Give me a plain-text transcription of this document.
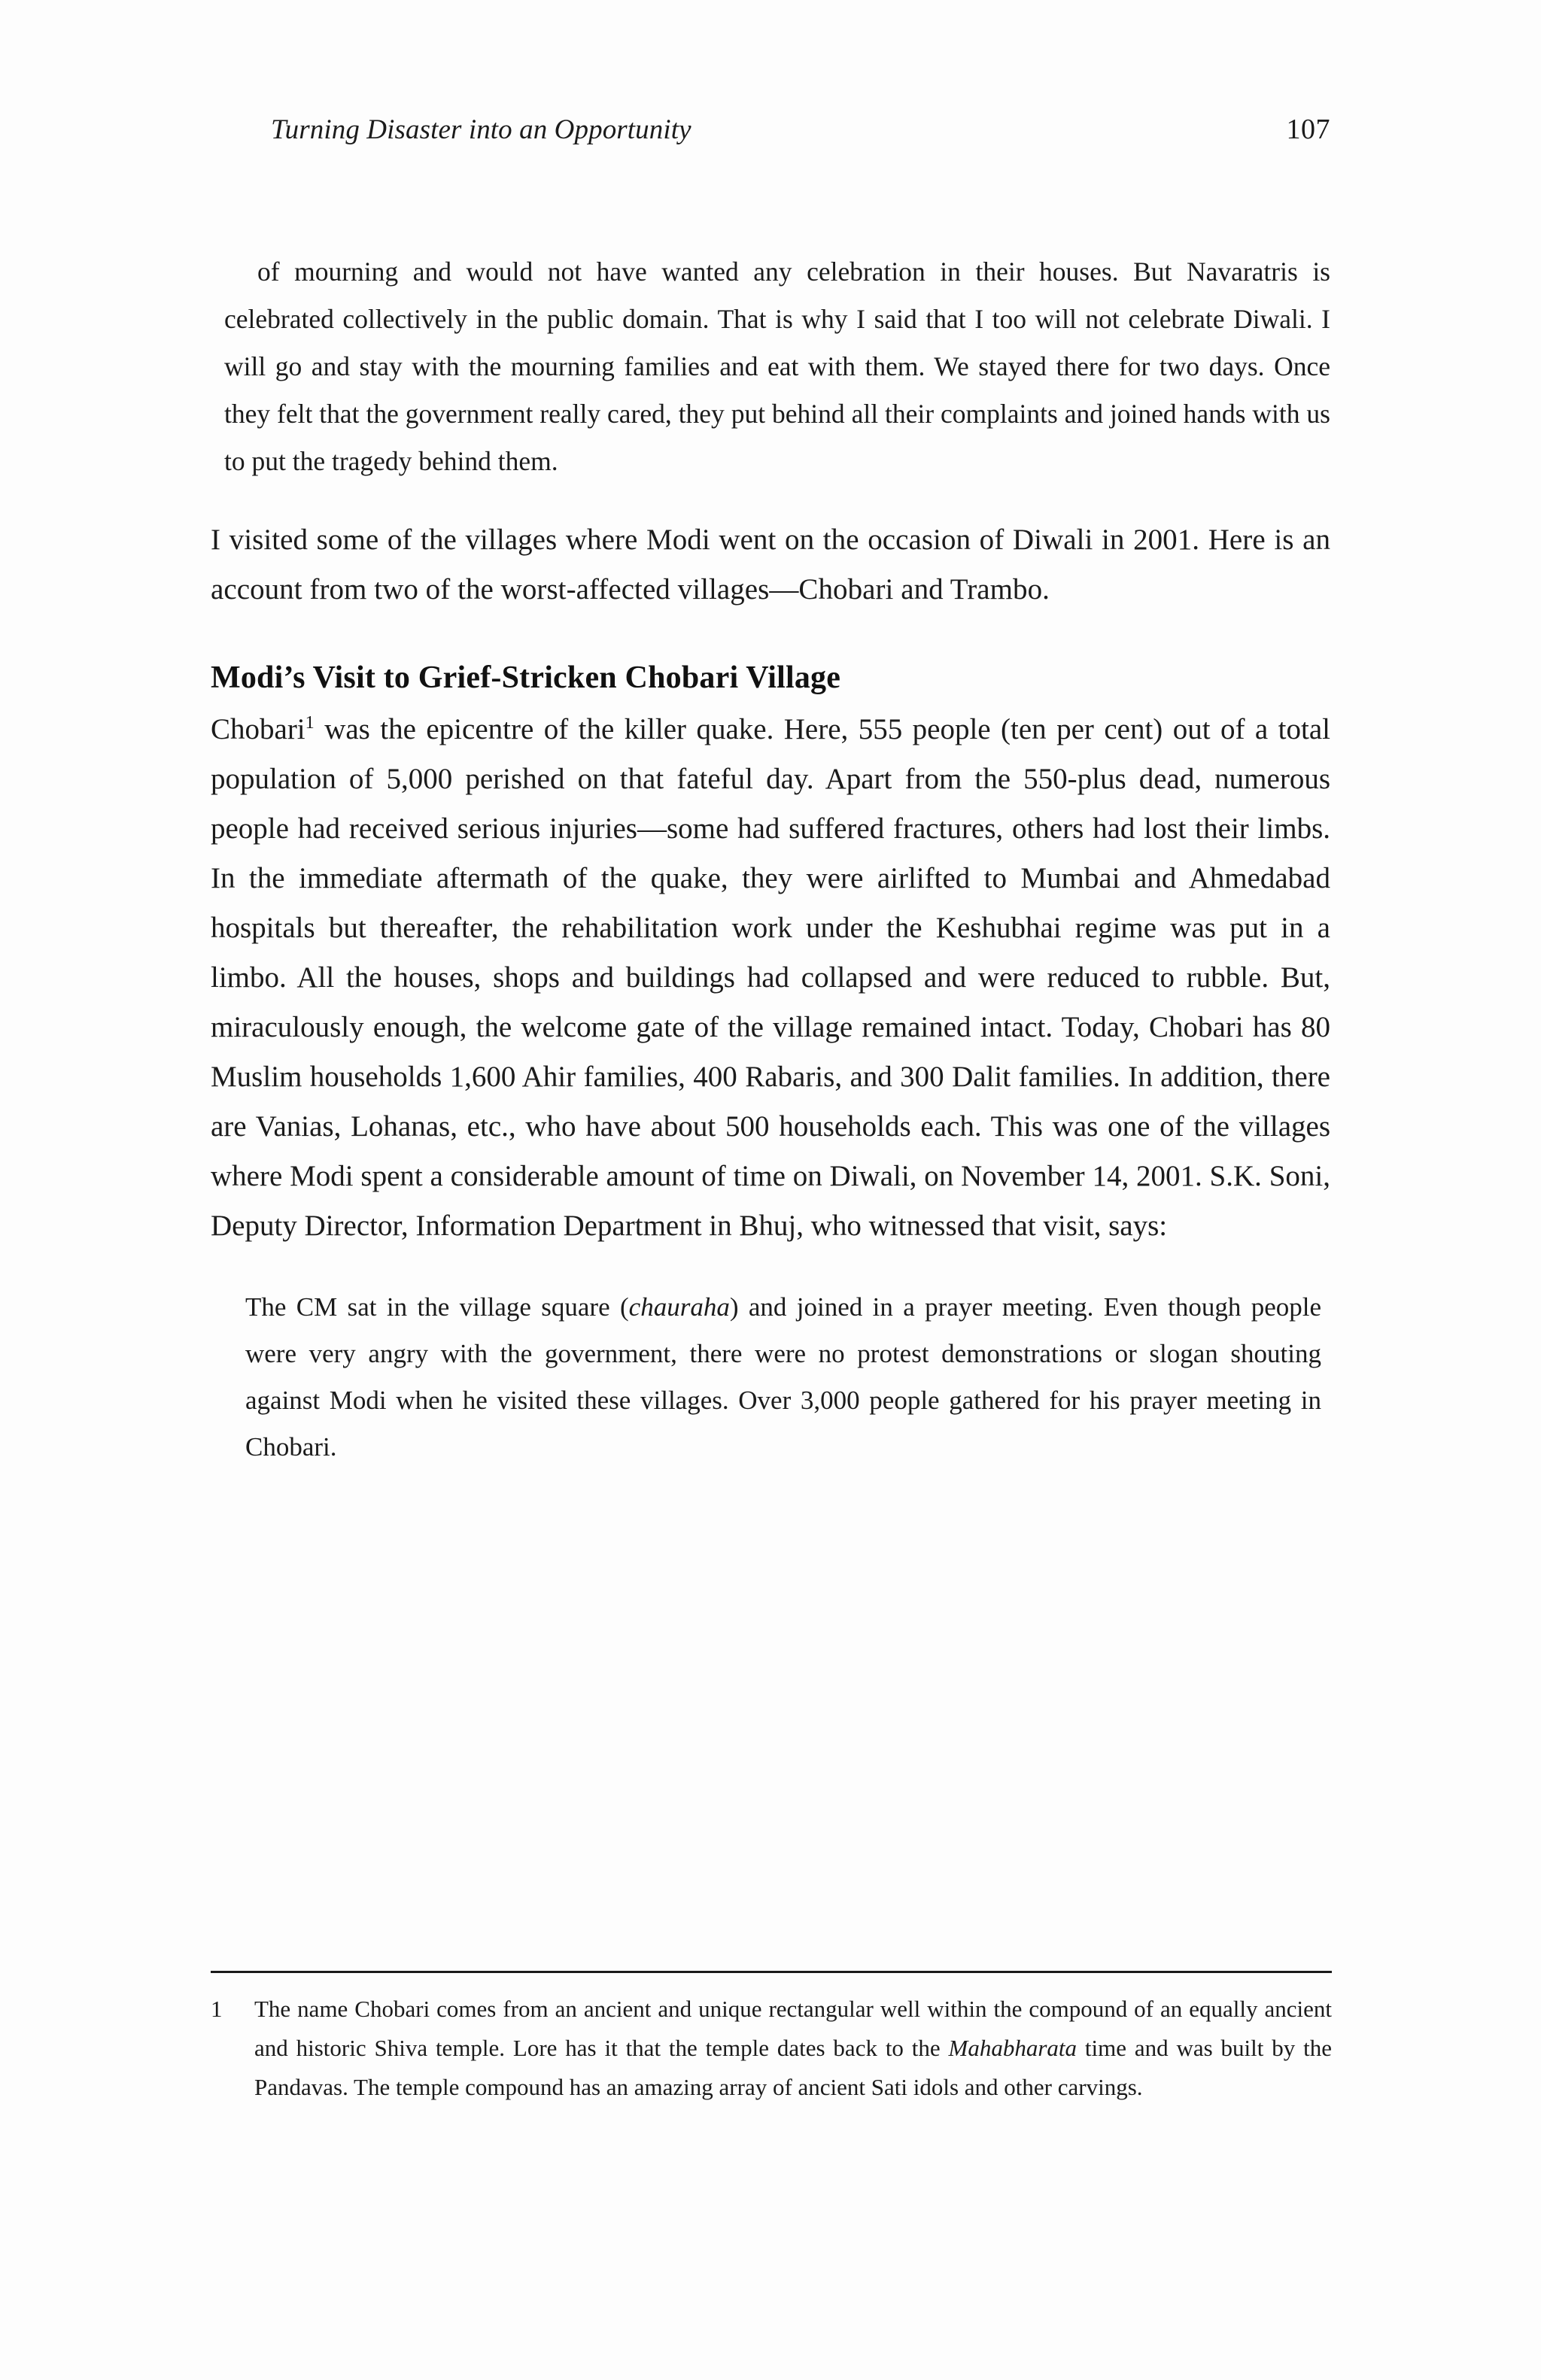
Turning Disaster into an Opportunity	107

of mourning and would not have wanted any celebration in their houses. But Navaratris is celebrated collectively in the public domain. That is why I said that I too will not celebrate Diwali. I will go and stay with the mourning families and eat with them. We stayed there for two days. Once they felt that the government really cared, they put behind all their complaints and joined hands with us to put the tragedy behind them.

I visited some of the villages where Modi went on the occasion of Diwali in 2001. Here is an account from two of the worst-affected villages—Chobari and Trambo.

Modi’s Visit to Grief-Stricken Chobari Village

Chobari$^1$ was the epicentre of the killer quake. Here, 555 people (ten per cent) out of a total population of 5,000 perished on that fateful day. Apart from the 550-plus dead, numerous people had received serious injuries—some had suffered fractures, others had lost their limbs. In the immediate aftermath of the quake, they were airlifted to Mumbai and Ahmedabad hospitals but thereafter, the rehabilitation work under the Keshubhai regime was put in a limbo. All the houses, shops and buildings had collapsed and were reduced to rubble. But, miraculously enough, the welcome gate of the village remained intact. Today, Chobari has 80 Muslim households 1,600 Ahir families, 400 Rabaris, and 300 Dalit families. In addition, there are Vanias, Lohanas, etc., who have about 500 households each. This was one of the villages where Modi spent a considerable amount of time on Diwali, on November 14, 2001. S.K. Soni, Deputy Director, Information Department in Bhuj, who witnessed that visit, says:

The CM sat in the village square (chauraha) and joined in a prayer meeting. Even though people were very angry with the government, there were no protest demonstrations or slogan shouting against Modi when he visited these villages. Over 3,000 people gathered for his prayer meeting in Chobari.

1	The name Chobari comes from an ancient and unique rectangular well within the compound of an equally ancient and historic Shiva temple. Lore has it that the temple dates back to the Mahabharata time and was built by the Pandavas. The temple compound has an amazing array of ancient Sati idols and other carvings.
